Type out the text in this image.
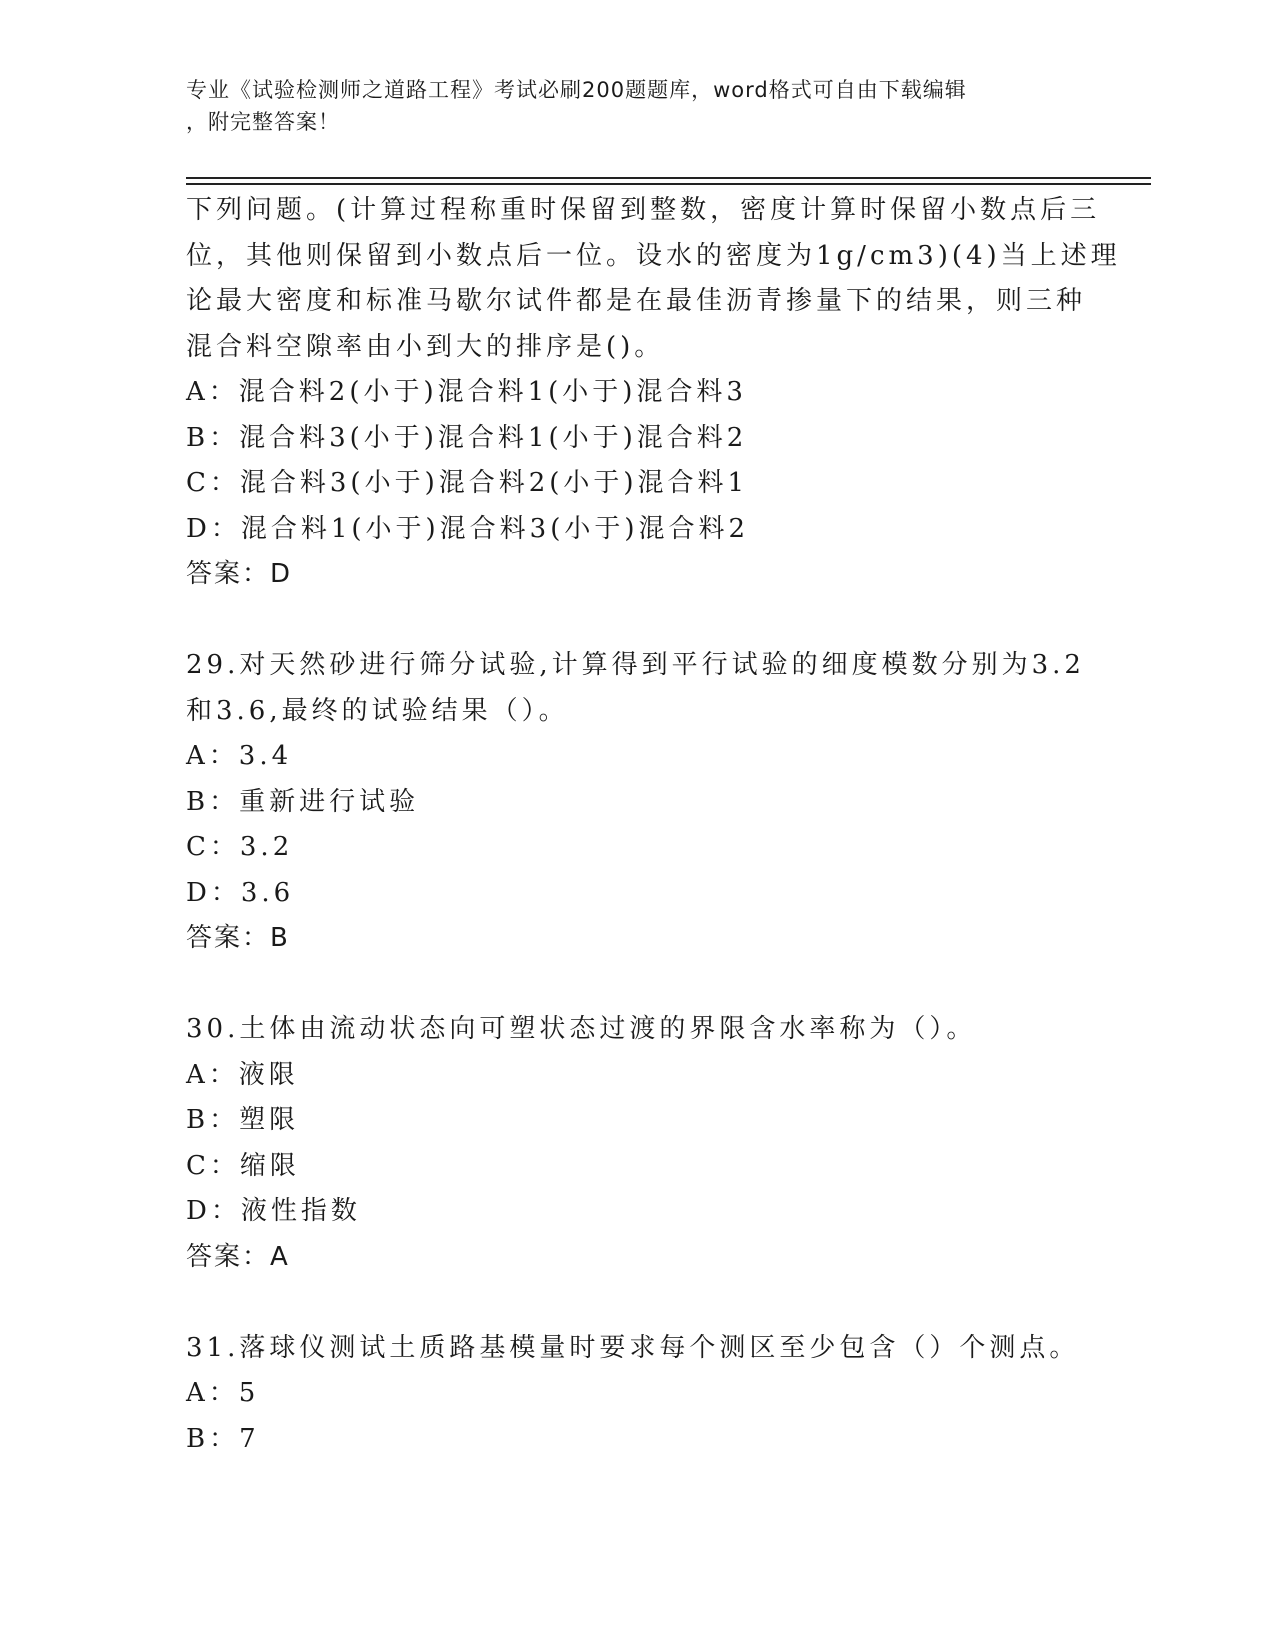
专业《试验检测师之道路工程》考试必刷200题题库，word格式可自由下载编辑
，附完整答案！

下列问题。(计算过程称重时保留到整数，密度计算时保留小数点后三

位，其他则保留到小数点后一位。设水的密度为1g/cm3)(4)当上述理

论最大密度和标准马歇尔试件都是在最佳沥青掺量下的结果，则三种

混合料空隙率由小到大的排序是()。

A：混合料2(小于)混合料1(小于)混合料3

B：混合料3(小于)混合料1(小于)混合料2

C：混合料3(小于)混合料2(小于)混合料1

D：混合料1(小于)混合料3(小于)混合料2

答案：D

29.对天然砂进行筛分试验,计算得到平行试验的细度模数分别为3.2

和3.6,最终的试验结果（）。

A：3.4

B：重新进行试验

C：3.2

D：3.6

答案：B

30.土体由流动状态向可塑状态过渡的界限含水率称为（）。

A：液限

B：塑限

C：缩限

D：液性指数

答案：A

31.落球仪测试土质路基模量时要求每个测区至少包含（）个测点。

A：5

B：7
